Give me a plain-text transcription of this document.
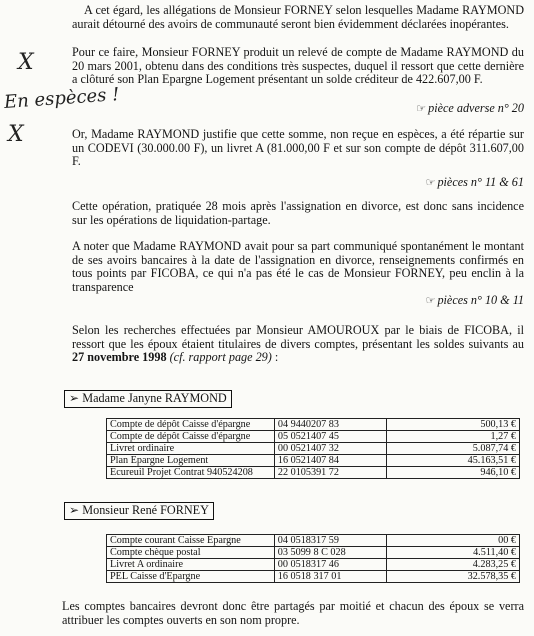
X
En espèces !
X

A cet égard, les allégations de Monsieur FORNEY selon lesquelles Madame RAYMOND aurait détourné des avoirs de communauté seront bien évidemment déclarées inopérantes.

Pour ce faire, Monsieur FORNEY produit un relevé de compte de Madame RAYMOND du 20 mars 2001, obtenu dans des conditions très suspectes, duquel il ressort que cette dernière a clôturé son Plan Epargne Logement présentant un solde créditeur de 422.607,00 F.

☞ pièce adverse n° 20

Or, Madame RAYMOND justifie que cette somme, non reçue en espèces, a été répartie sur un CODEVI (30.000.00 F), un livret A (81.000,00 F et sur son compte de dépôt 311.607,00 F.

☞ pièces n° 11 & 61

Cette opération, pratiquée 28 mois après l'assignation en divorce, est donc sans incidence sur les opérations de liquidation-partage.

A noter que Madame RAYMOND avait pour sa part communiqué spontanément le montant de ses avoirs bancaires à la date de l'assignation en divorce, renseignements confirmés en tous points par FICOBA, ce qui n'a pas été le cas de Monsieur FORNEY, peu enclin à la transparence

☞ pièces n° 10 & 11

Selon les recherches effectuées par Monsieur AMOUROUX par le biais de FICOBA, il ressort que les époux étaient titulaires de divers comptes, présentant les soldes suivants au 27 novembre 1998 (cf. rapport page 29) :

➢ Madame Janyne RAYMOND
Compte de dépôt Caisse d'épargne	04 9440207 83	500,13 €
Compte de dépôt Caisse d'épargne	05 0521407 45	1,27 €
Livret ordinaire	00 0521407 32	5.087,74 €
Plan Epargne Logement	16 0521407 84	45.163,51 €
Ecureuil Projet Contrat 940524208	22 0105391 72	946,10 €
➢ Monsieur René FORNEY
Compte courant Caisse Epargne	04 0518317 59	00 €
Compte chèque postal	03 5099 8 C 028	4.511,40 €
Livret A ordinaire	00 0518317 46	4.283,25 €
PEL Caisse d'Epargne	16 0518 317 01	32.578,35 €

Les comptes bancaires devront donc être partagés par moitié et chacun des époux se verra attribuer les comptes ouverts en son nom propre.
